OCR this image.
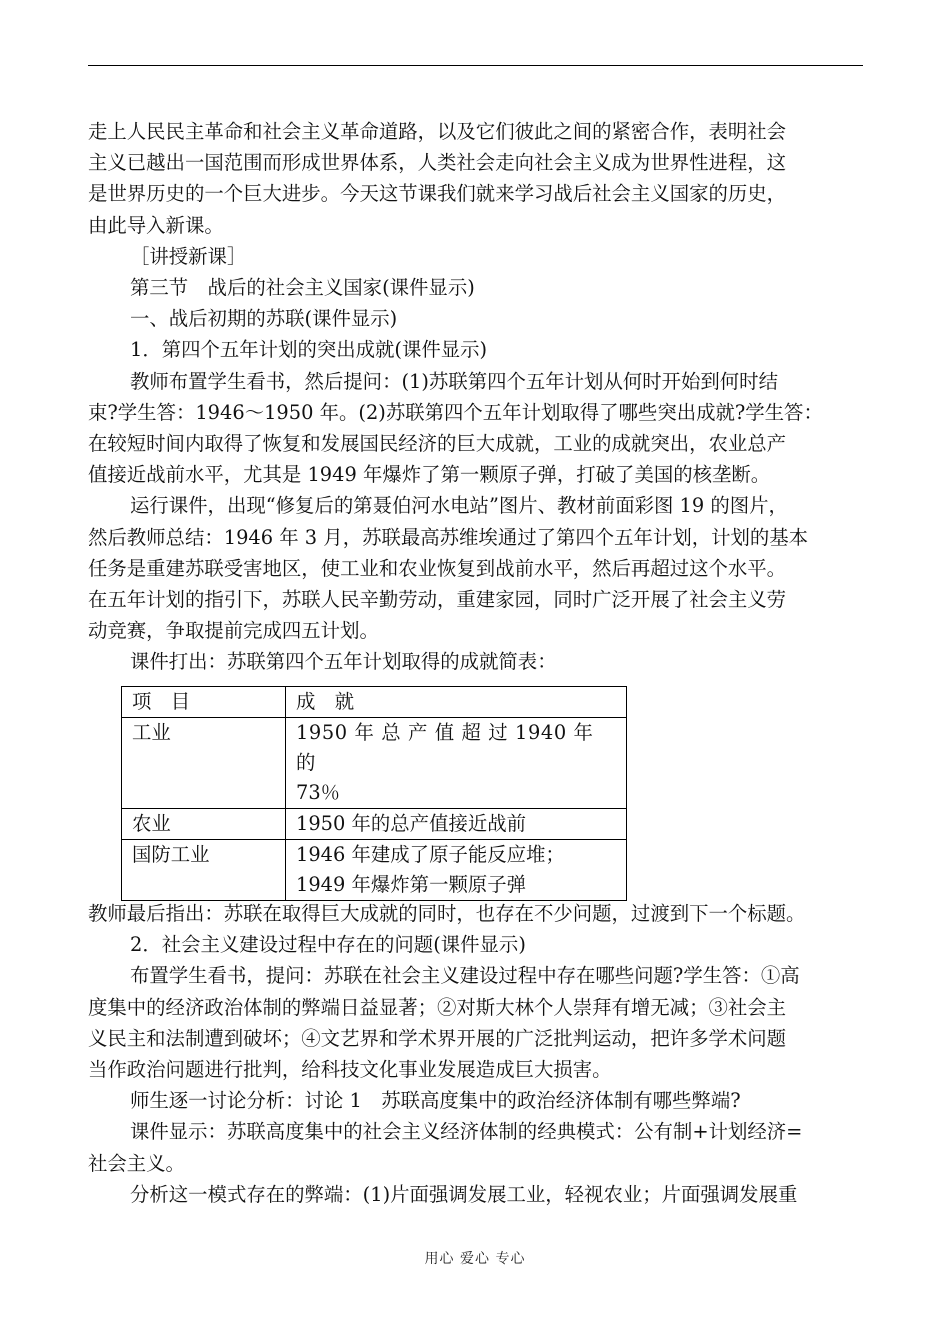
走上人民民主革命和社会主义革命道路，以及它们彼此之间的紧密合作，表明社会

主义已越出一国范围而形成世界体系，人类社会走向社会主义成为世界性进程，这

是世界历史的一个巨大进步。今天这节课我们就来学习战后社会主义国家的历史，

由此导入新课。

［讲授新课］

第三节　战后的社会主义国家(课件显示)

一、战后初期的苏联(课件显示)

1．第四个五年计划的突出成就(课件显示)

教师布置学生看书，然后提问：(1)苏联第四个五年计划从何时开始到何时结

束?学生答：1946～1950 年。(2)苏联第四个五年计划取得了哪些突出成就?学生答：

在较短时间内取得了恢复和发展国民经济的巨大成就，工业的成就突出，农业总产

值接近战前水平，尤其是 1949 年爆炸了第一颗原子弹，打破了美国的核垄断。

运行课件，出现“修复后的第聂伯河水电站”图片、教材前面彩图 19 的图片，

然后教师总结：1946 年 3 月，苏联最高苏维埃通过了第四个五年计划，计划的基本

任务是重建苏联受害地区，使工业和农业恢复到战前水平，然后再超过这个水平。

在五年计划的指引下，苏联人民辛勤劳动，重建家园，同时广泛开展了社会主义劳

动竞赛，争取提前完成四五计划。

课件打出：苏联第四个五年计划取得的成就简表：

项　目	成　就
工业	1950 年 总 产 值 超 过 1940 年 的
73％

农业	1950 年的总产值接近战前

国防工业	1946 年建成了原子能反应堆；
1949 年爆炸第一颗原子弹

教师最后指出：苏联在取得巨大成就的同时，也存在不少问题，过渡到下一个标题。

2．社会主义建设过程中存在的问题(课件显示)

布置学生看书，提问：苏联在社会主义建设过程中存在哪些问题?学生答：①高

度集中的经济政治体制的弊端日益显著；②对斯大林个人崇拜有增无减；③社会主

义民主和法制遭到破坏；④文艺界和学术界开展的广泛批判运动，把许多学术问题

当作政治问题进行批判，给科技文化事业发展造成巨大损害。

师生逐一讨论分析：讨论 1　苏联高度集中的政治经济体制有哪些弊端?

课件显示：苏联高度集中的社会主义经济体制的经典模式：公有制+计划经济=

社会主义。

分析这一模式存在的弊端：(1)片面强调发展工业，轻视农业；片面强调发展重

用心 爱心 专心
